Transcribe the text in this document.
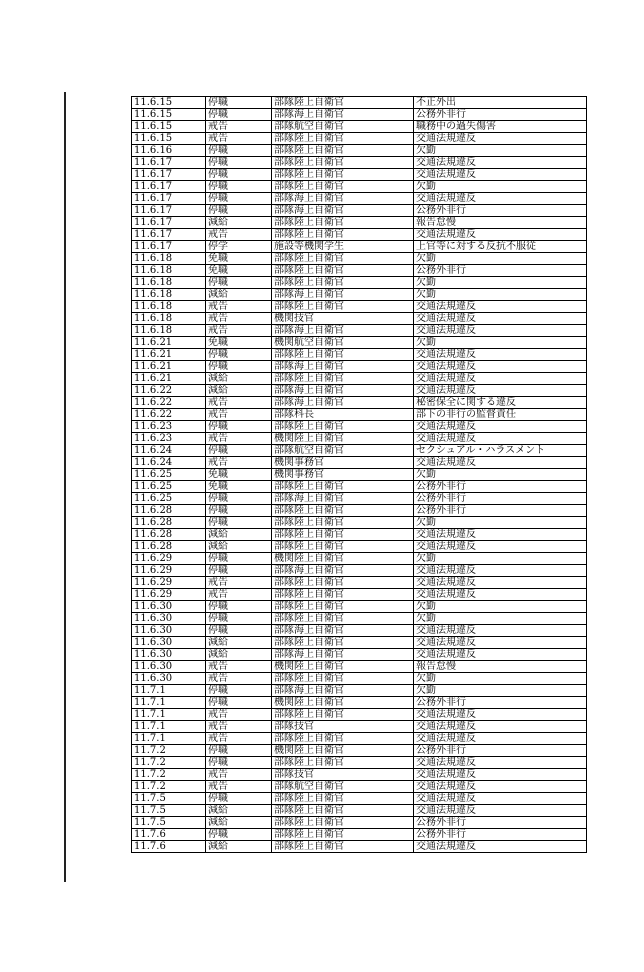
11.6.15	停職	部隊陸上自衛官	不正外出
11.6.15	停職	部隊海上自衛官	公務外非行
11.6.15	戒告	部隊航空自衛官	職務中の過失傷害
11.6.15	戒告	部隊陸上自衛官	交通法規違反
11.6.16	停職	部隊陸上自衛官	欠勤
11.6.17	停職	部隊陸上自衛官	交通法規違反
11.6.17	停職	部隊陸上自衛官	交通法規違反
11.6.17	停職	部隊陸上自衛官	欠勤
11.6.17	停職	部隊海上自衛官	交通法規違反
11.6.17	停職	部隊海上自衛官	公務外非行
11.6.17	減給	部隊陸上自衛官	報告怠慢
11.6.17	戒告	部隊陸上自衛官	交通法規違反
11.6.17	停学	施設等機関学生	上官等に対する反抗不服従
11.6.18	免職	部隊陸上自衛官	欠勤
11.6.18	免職	部隊陸上自衛官	公務外非行
11.6.18	停職	部隊陸上自衛官	欠勤
11.6.18	減給	部隊海上自衛官	欠勤
11.6.18	戒告	部隊陸上自衛官	交通法規違反
11.6.18	戒告	機関技官	交通法規違反
11.6.18	戒告	部隊海上自衛官	交通法規違反
11.6.21	免職	機関航空自衛官	欠勤
11.6.21	停職	部隊陸上自衛官	交通法規違反
11.6.21	停職	部隊海上自衛官	交通法規違反
11.6.21	減給	部隊陸上自衛官	交通法規違反
11.6.22	減給	部隊海上自衛官	交通法規違反
11.6.22	戒告	部隊海上自衛官	秘密保全に関する違反
11.6.22	戒告	部隊科長	部下の非行の監督責任
11.6.23	停職	部隊陸上自衛官	交通法規違反
11.6.23	戒告	機関陸上自衛官	交通法規違反
11.6.24	停職	部隊航空自衛官	セクシュアル・ハラスメント
11.6.24	戒告	機関事務官	交通法規違反
11.6.25	免職	機関事務官	欠勤
11.6.25	免職	部隊陸上自衛官	公務外非行
11.6.25	停職	部隊海上自衛官	公務外非行
11.6.28	停職	部隊陸上自衛官	公務外非行
11.6.28	停職	部隊陸上自衛官	欠勤
11.6.28	減給	部隊陸上自衛官	交通法規違反
11.6.28	減給	部隊陸上自衛官	交通法規違反
11.6.29	停職	機関陸上自衛官	欠勤
11.6.29	停職	部隊海上自衛官	交通法規違反
11.6.29	戒告	部隊陸上自衛官	交通法規違反
11.6.29	戒告	部隊陸上自衛官	交通法規違反
11.6.30	停職	部隊陸上自衛官	欠勤
11.6.30	停職	部隊陸上自衛官	欠勤
11.6.30	停職	部隊海上自衛官	交通法規違反
11.6.30	減給	部隊陸上自衛官	交通法規違反
11.6.30	減給	部隊海上自衛官	交通法規違反
11.6.30	戒告	機関陸上自衛官	報告怠慢
11.6.30	戒告	部隊陸上自衛官	欠勤
11.7.1	停職	部隊海上自衛官	欠勤
11.7.1	停職	機関陸上自衛官	公務外非行
11.7.1	戒告	部隊陸上自衛官	交通法規違反
11.7.1	戒告	部隊技官	交通法規違反
11.7.1	戒告	部隊陸上自衛官	交通法規違反
11.7.2	停職	機関陸上自衛官	公務外非行
11.7.2	停職	部隊陸上自衛官	交通法規違反
11.7.2	戒告	部隊技官	交通法規違反
11.7.2	戒告	部隊航空自衛官	交通法規違反
11.7.5	停職	部隊陸上自衛官	交通法規違反
11.7.5	減給	部隊陸上自衛官	交通法規違反
11.7.5	減給	部隊陸上自衛官	公務外非行
11.7.6	停職	部隊陸上自衛官	公務外非行
11.7.6	減給	部隊陸上自衛官	交通法規違反
